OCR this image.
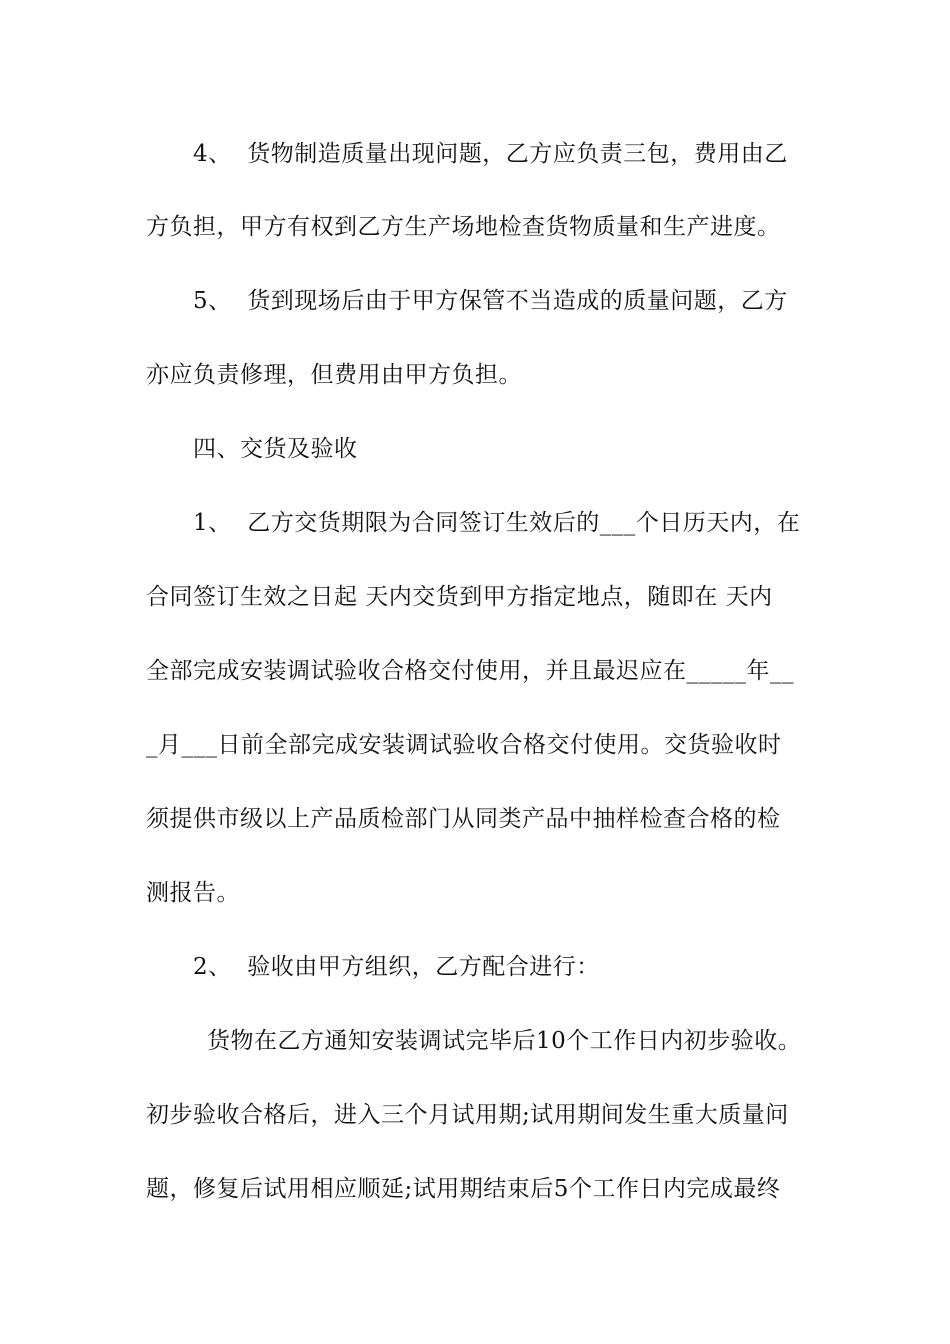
4、  货物制造质量出现问题，乙方应负责三包，费用由乙
方负担，甲方有权到乙方生产场地检查货物质量和生产进度。
5、  货到现场后由于甲方保管不当造成的质量问题，乙方
亦应负责修理，但费用由甲方负担。
四、交货及验收
1、  乙方交货期限为合同签订生效后的___个日历天内，在
合同签订生效之日起 天内交货到甲方指定地点，随即在 天内
全部完成安装调试验收合格交付使用，并且最迟应在_____年__
_月___日前全部完成安装调试验收合格交付使用。交货验收时
须提供市级以上产品质检部门从同类产品中抽样检查合格的检
测报告。
2、  验收由甲方组织，乙方配合进行：
货物在乙方通知安装调试完毕后10个工作日内初步验收。
初步验收合格后，进入三个月试用期;试用期间发生重大质量问
题，修复后试用相应顺延;试用期结束后5个工作日内完成最终
